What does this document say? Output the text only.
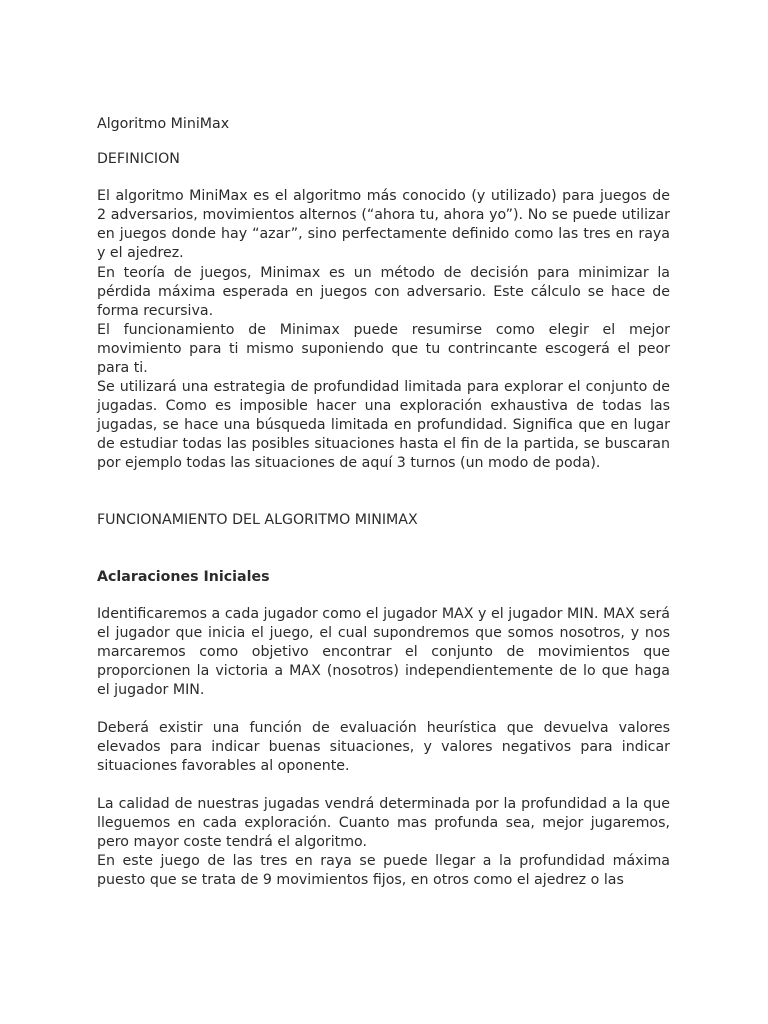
Algoritmo MiniMax

DEFINICION

El algoritmo MiniMax es el algoritmo más conocido (y utilizado) para juegos de 2 adversarios, movimientos alternos (“ahora tu, ahora yo”). No se puede utilizar en juegos donde hay “azar”, sino perfectamente definido como las tres en raya y el ajedrez.

En teoría de juegos, Minimax es un método de decisión para minimizar la pérdida máxima esperada en juegos con adversario. Este cálculo se hace de forma recursiva.

El funcionamiento de Minimax puede resumirse como elegir el mejor movimiento para ti mismo suponiendo que tu contrincante escogerá el peor para ti.

Se utilizará una estrategia de profundidad limitada para explorar el conjunto de jugadas. Como es imposible hacer una exploración exhaustiva de todas las jugadas, se hace una búsqueda limitada en profundidad. Significa que en lugar de estudiar todas las posibles situaciones hasta el fin de la partida, se buscaran por ejemplo todas las situaciones de aquí 3 turnos (un modo de poda).

FUNCIONAMIENTO DEL ALGORITMO MINIMAX

Aclaraciones Iniciales

Identificaremos a cada jugador como el jugador MAX y el jugador MIN. MAX será el jugador que inicia el juego, el cual supondremos que somos nosotros, y nos marcaremos como objetivo encontrar el conjunto de movimientos que proporcionen la victoria a MAX (nosotros) independientemente de lo que haga el jugador MIN.

Deberá existir una función de evaluación heurística que devuelva valores elevados para indicar buenas situaciones, y valores negativos para indicar situaciones favorables al oponente.

La calidad de nuestras jugadas vendrá determinada por la profundidad a la que lleguemos en cada exploración. Cuanto mas profunda sea, mejor jugaremos, pero mayor coste tendrá el algoritmo.

En este juego de las tres en raya se puede llegar a la profundidad máxima puesto que se trata de 9 movimientos fijos, en otros como el ajedrez o las
